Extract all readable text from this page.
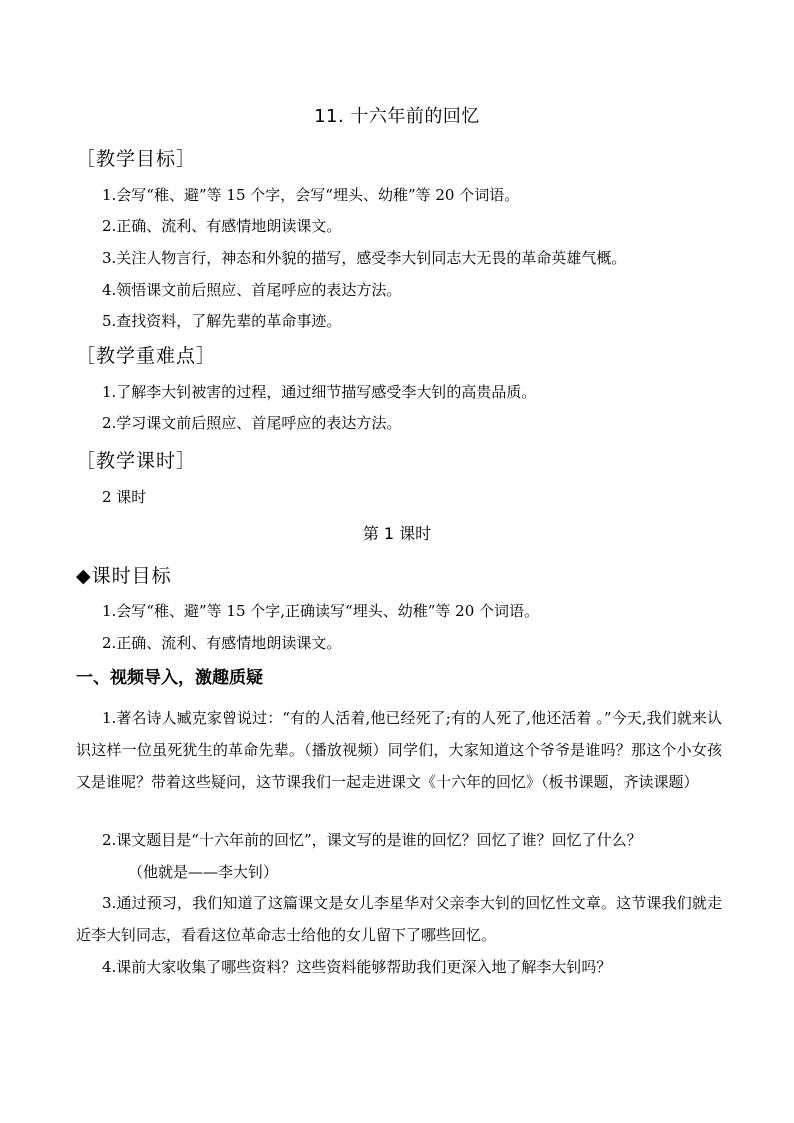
11. 十六年前的回忆
［教学目标］
1.会写“稚、避”等 15 个字，会写“埋头、幼稚”等 20 个词语。
2.正确、流利、有感情地朗读课文。
3.关注人物言行，神态和外貌的描写，感受李大钊同志大无畏的革命英雄气概。
4.领悟课文前后照应、首尾呼应的表达方法。
5.查找资料，了解先辈的革命事迹。
［教学重难点］
1.了解李大钊被害的过程，通过细节描写感受李大钊的高贵品质。
2.学习课文前后照应、首尾呼应的表达方法。
［教学课时］
2 课时
第 1 课时
◆课时目标
1.会写“稚、避”等 15 个字,正确读写“埋头、幼稚”等 20 个词语。
2.正确、流利、有感情地朗读课文。
一、视频导入，激趣质疑
1.著名诗人臧克家曾说过：“有的人活着,他已经死了;有的人死了,他还活着 。”今天,我们就来认识这样一位虽死犹生的革命先辈。（播放视频）同学们，大家知道这个爷爷是谁吗？那这个小女孩又是谁呢？带着这些疑问，这节课我们一起走进课文《十六年的回忆》（板书课题，齐读课题）
2.课文题目是“十六年前的回忆”，课文写的是谁的回忆？回忆了谁？回忆了什么？
（他就是——李大钊）
3.通过预习，我们知道了这篇课文是女儿李星华对父亲李大钊的回忆性文章。这节课我们就走近李大钊同志，看看这位革命志士给他的女儿留下了哪些回忆。
4.课前大家收集了哪些资料？这些资料能够帮助我们更深入地了解李大钊吗？
